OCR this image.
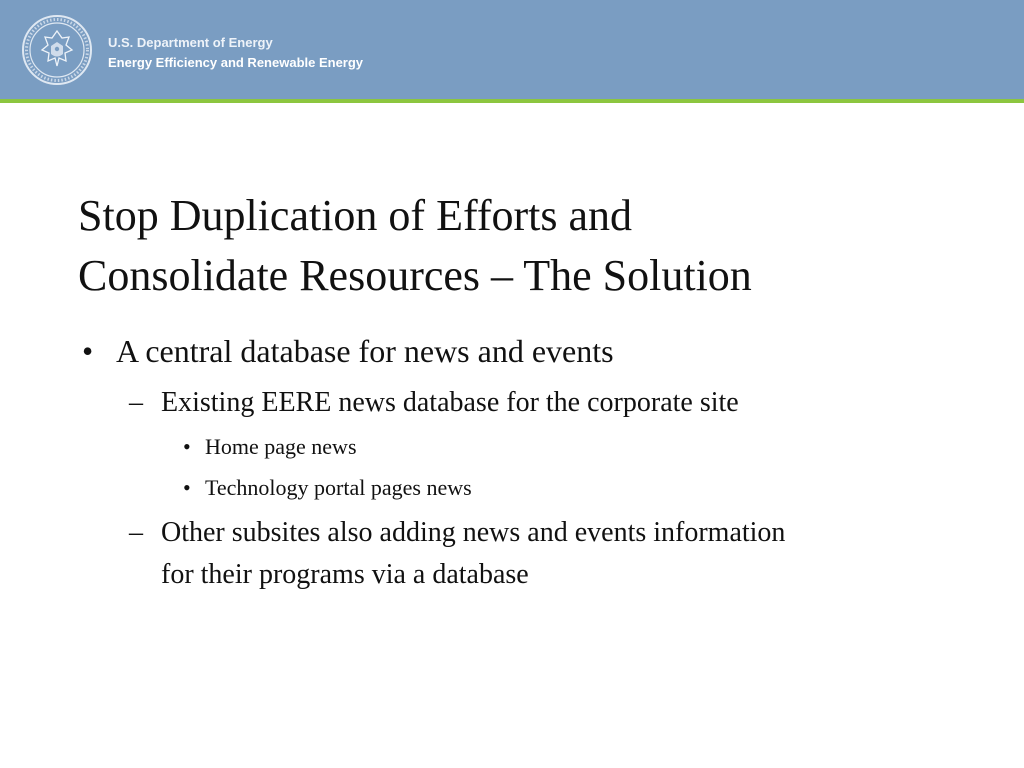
U.S. Department of Energy
Energy Efficiency and Renewable Energy
Stop Duplication of Efforts and
Consolidate Resources – The Solution
• A central database for news and events
– Existing EERE news database for the corporate site
• Home page news
• Technology portal pages news
– Other subsites also adding news and events information
for their programs via a database
